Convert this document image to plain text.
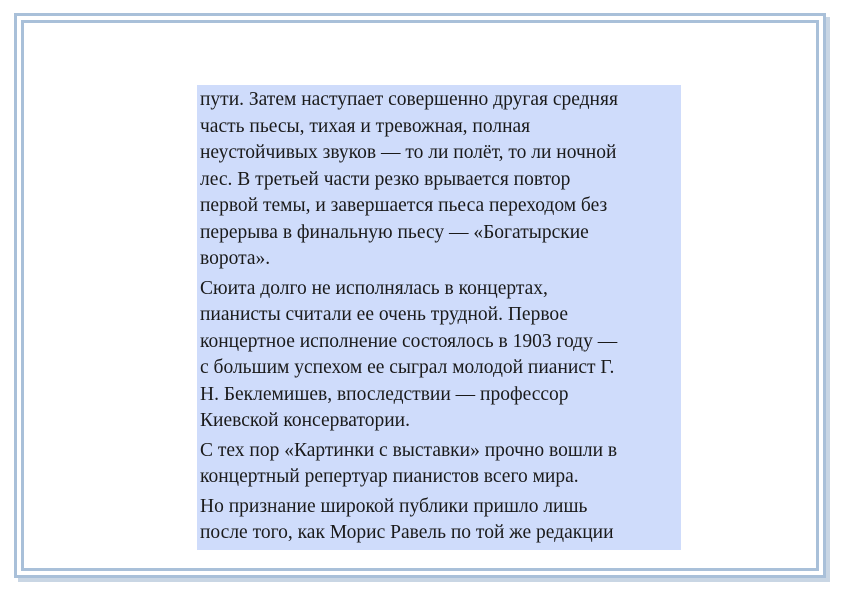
пути. Затем наступает совершенно другая средняя
часть пьесы, тихая и тревожная, полная
неустойчивых звуков — то ли полёт, то ли ночной
лес. В третьей части резко врывается повтор
первой темы, и завершается пьеса переходом без
перерыва в финальную пьесу — «Богатырские
ворота».

Сюита долго не исполнялась в концертах,
пианисты считали ее очень трудной. Первое
концертное исполнение состоялось в 1903 году —
с большим успехом ее сыграл молодой пианист Г.
Н. Беклемишев, впоследствии — профессор
Киевской консерватории.

С тех пор «Картинки с выставки» прочно вошли в
концертный репертуар пианистов всего мира.

Но признание широкой публики пришло лишь
после того, как Морис Равель по той же редакции
